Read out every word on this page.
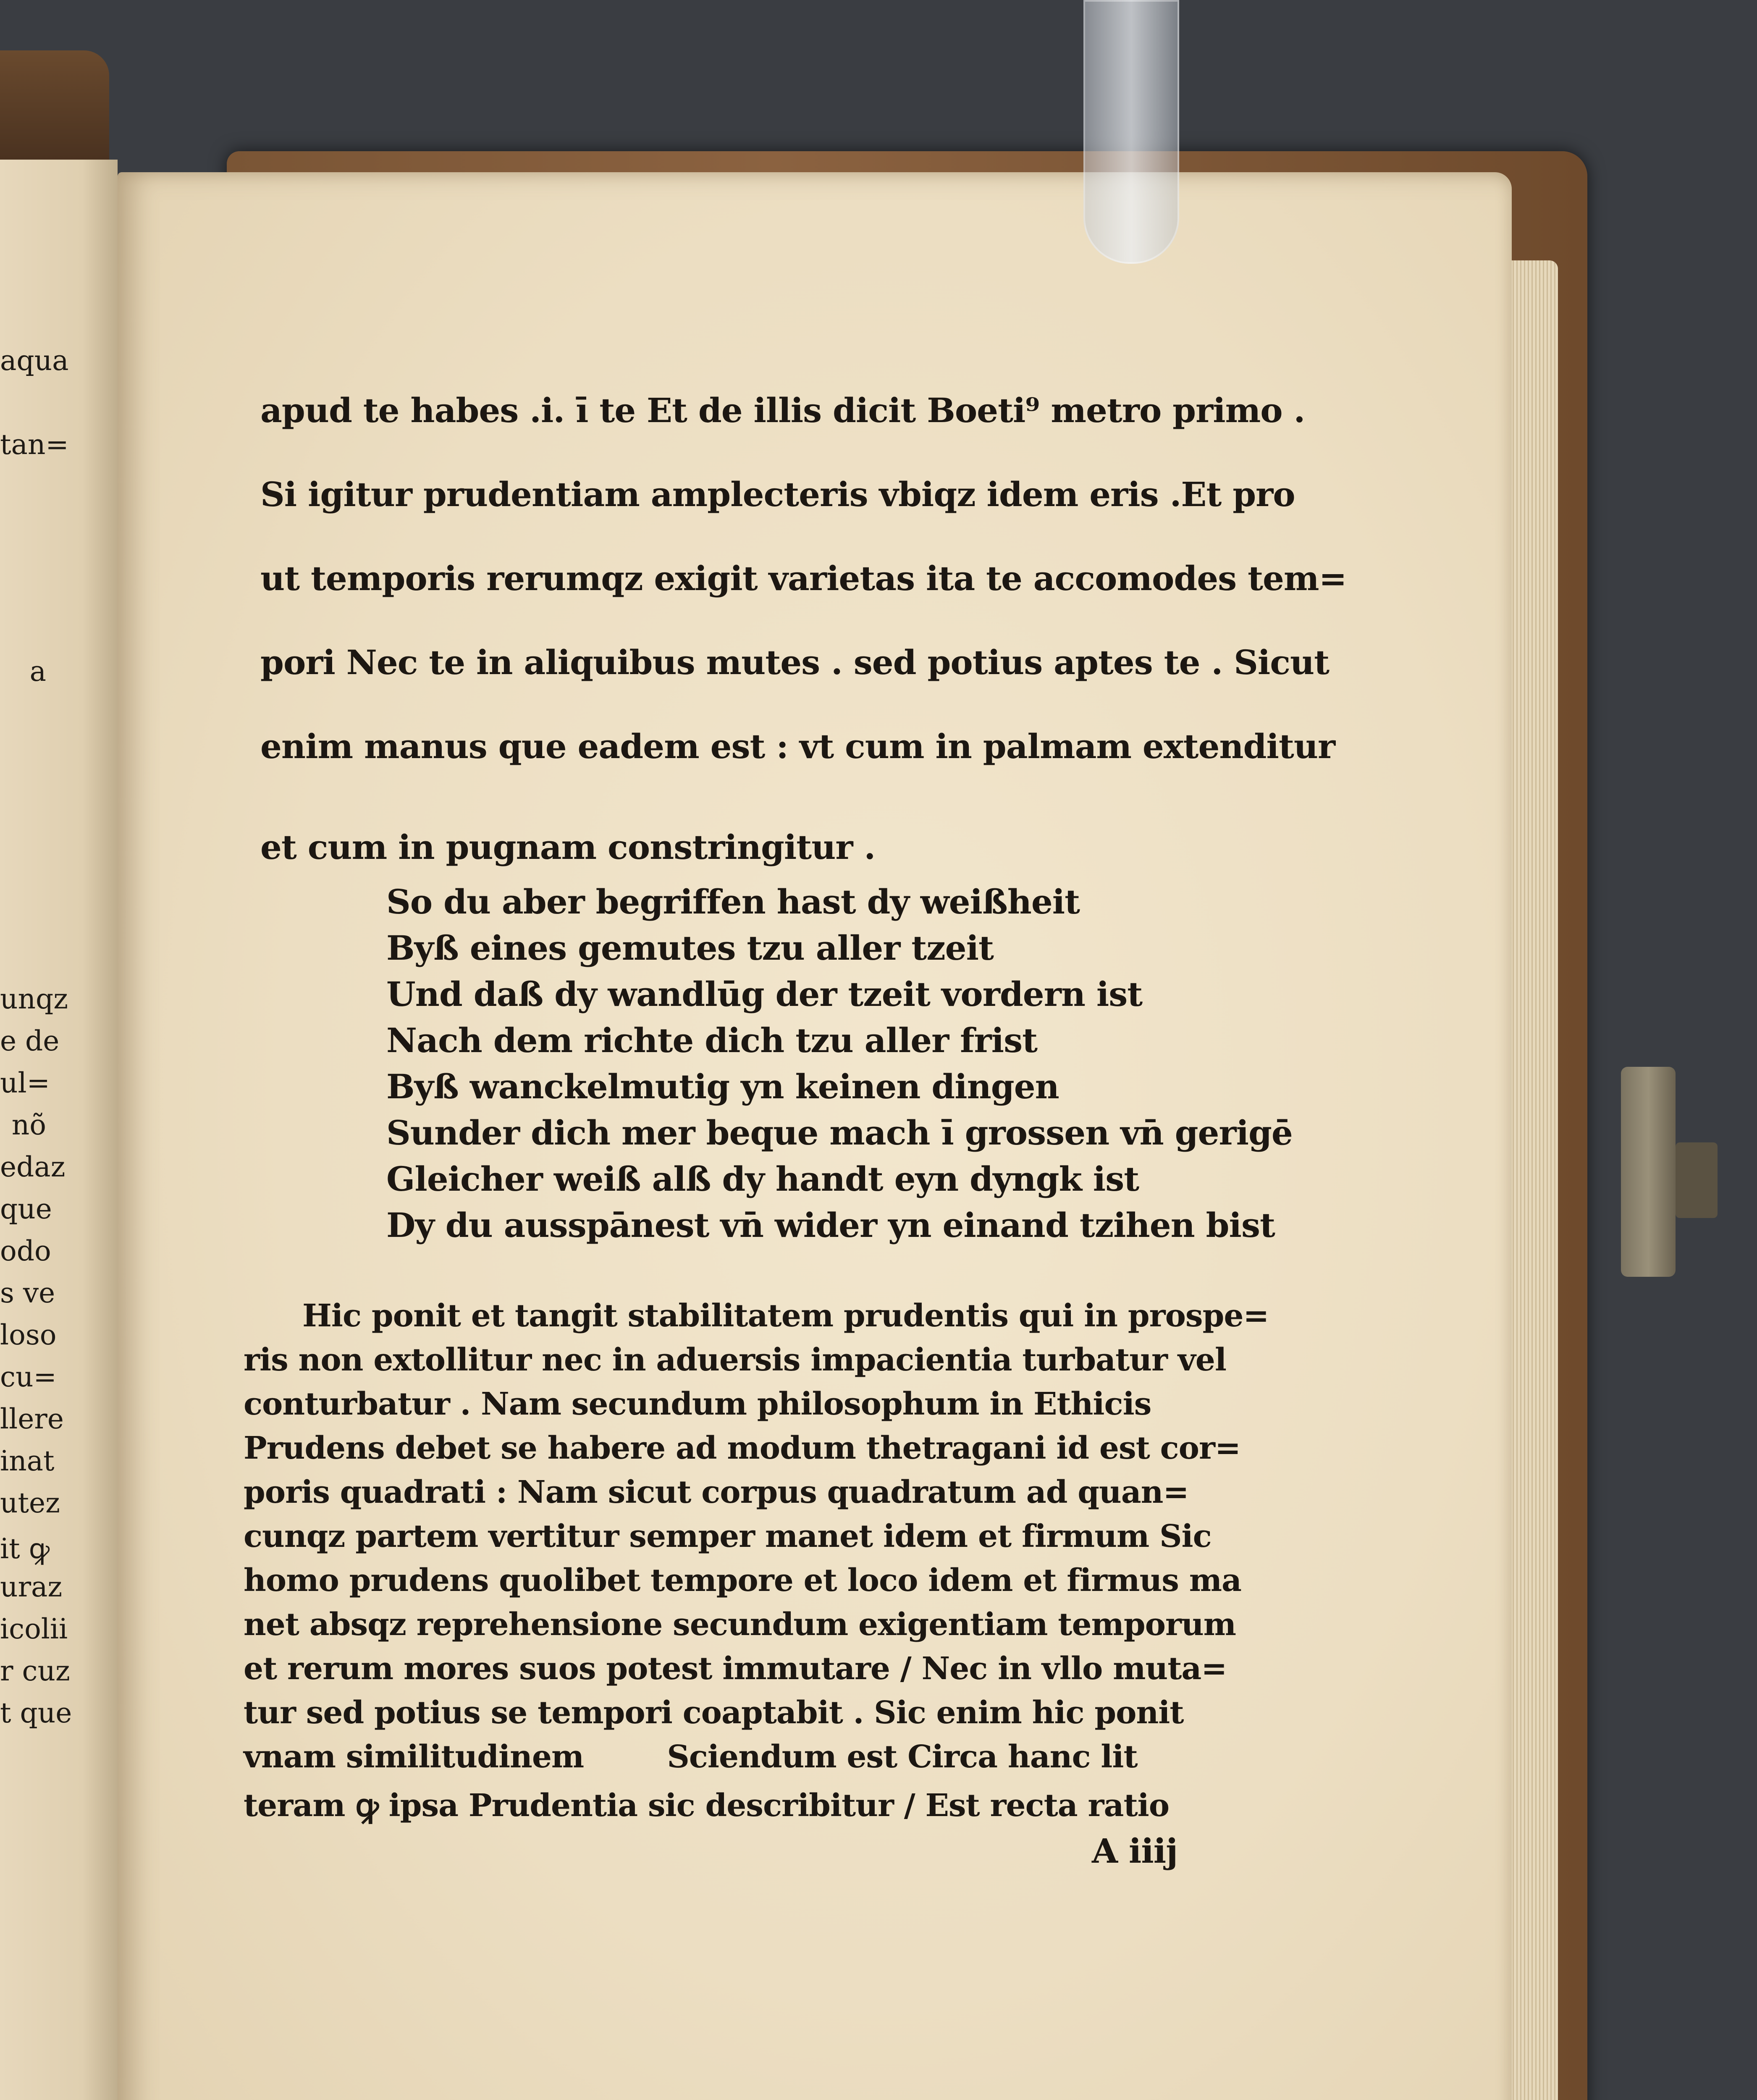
aqua
tan=
a
unqz
e de
ul=
nõ
edaz
que
odo
s ve
loso
cu=
llere
inat
utez
it ꝙ
uraz
icolii
r cuz
t que
apud te habes .i. ī te Et de illis dicit Boeti⁹ metro primo .
Si igitur prudentiam amplecteris vbiqz idem eris .Et pro
ut temporis rerumqz exigit varietas ita te accomodes tem=
pori Nec te in aliquibus mutes . sed potius aptes te . Sicut
enim manus que eadem est : vt cum in palmam extenditur
et cum in pugnam constringitur .
So du aber begriffen hast dy weißheit
Byß eines gemutes tzu aller tzeit
Und daß dy wandlūg der tzeit vordern ist
Nach dem richte dich tzu aller frist
Byß wanckelmutig yn keinen dingen
Sunder dich mer beque mach ī grossen vn̄ gerigē
Gleicher weiß alß dy handt eyn dyngk ist
Dy du ausspānest vn̄ wider yn einand tzihen bist
Hic ponit et tangit stabilitatem prudentis qui in prospe=
ris non extollitur nec in aduersis impacientia turbatur vel
conturbatur . Nam secundum philosophum in Ethicis
Prudens debet se habere ad modum thetragani id est cor=
poris quadrati : Nam sicut corpus quadratum ad quan=
cunqz partem vertitur semper manet idem et firmum Sic
homo prudens quolibet tempore et loco idem et firmus ma
net absqz reprehensione secundum exigentiam temporum
et rerum mores suos potest immutare / Nec in vllo muta=
tur sed potius se tempori coaptabit . Sic enim hic ponit
vnam similitudinem        Sciendum est Circa hanc lit
teram ꝙ ipsa Prudentia sic describitur / Est recta ratio
A iiij
